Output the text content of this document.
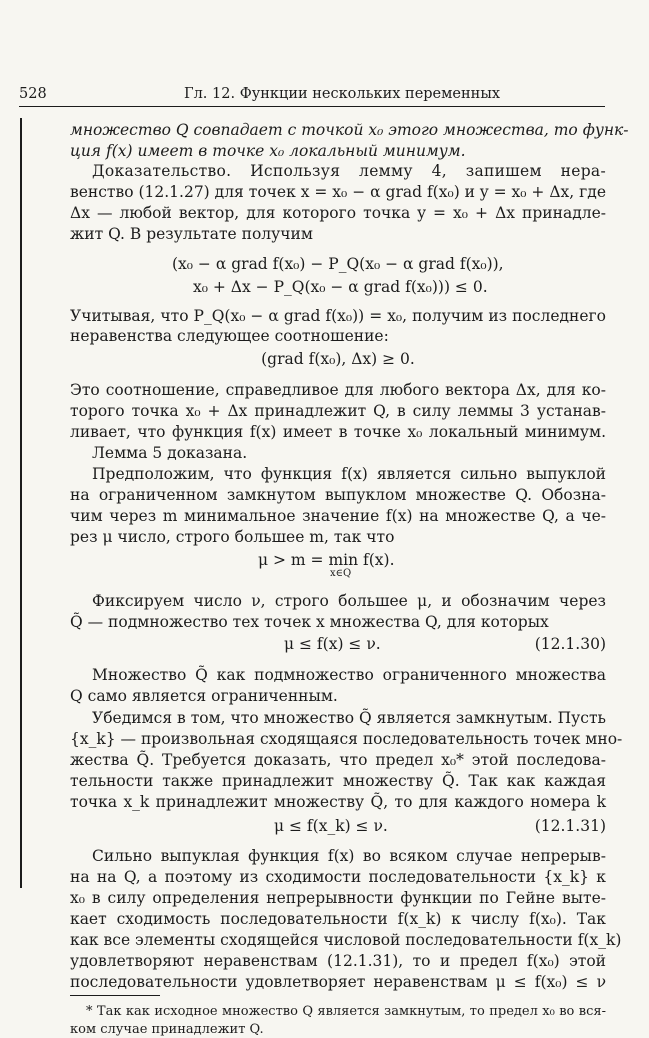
528	Гл. 12. Функции нескольких переменных
множество Q совпадает с точкой x₀ этого множества, то функ-
ция f(x) имеет в точке x₀ локальный минимум.
Доказательство. Используя лемму 4, запишем нера-
венство (12.1.27) для точек x = x₀ − α grad f(x₀) и y = x₀ + Δx, где
Δx — любой вектор, для которого точка y = x₀ + Δx принадле-
жит Q. В результате получим
(x₀ − α grad f(x₀) − P_Q(x₀ − α grad f(x₀)),
x₀ + Δx − P_Q(x₀ − α grad f(x₀))) ≤ 0.
Учитывая, что P_Q(x₀ − α grad f(x₀)) = x₀, получим из последнего
неравенства следующее соотношение:
(grad f(x₀), Δx) ≥ 0.
Это соотношение, справедливое для любого вектора Δx, для ко-
торого точка x₀ + Δx принадлежит Q, в силу леммы 3 устанав-
ливает, что функция f(x) имеет в точке x₀ локальный минимум.
Лемма 5 доказана.
Предположим, что функция f(x) является сильно выпуклой
на ограниченном замкнутом выпуклом множестве Q. Обозна-
чим через m минимальное значение f(x) на множестве Q, а че-
рез μ число, строго большее m, так что
μ > m = min f(x).
x∈Q
Фиксируем число ν, строго большее μ, и обозначим через
Q̃ — подмножество тех точек x множества Q, для которых
μ ≤ f(x) ≤ ν.	(12.1.30)
Множество Q̃ как подмножество ограниченного множества
Q само является ограниченным.
Убедимся в том, что множество Q̃ является замкнутым. Пусть
{x_k} — произвольная сходящаяся последовательность точек мно-
жества Q̃. Требуется доказать, что предел x₀* этой последова-
тельности также принадлежит множеству Q̃. Так как каждая
точка x_k принадлежит множеству Q̃, то для каждого номера k
μ ≤ f(x_k) ≤ ν.	(12.1.31)
Сильно выпуклая функция f(x) во всяком случае непрерыв-
на на Q, а поэтому из сходимости последовательности {x_k} к
x₀ в силу определения непрерывности функции по Гейне выте-
кает сходимость последовательности f(x_k) к числу f(x₀). Так
как все элементы сходящейся числовой последовательности f(x_k)
удовлетворяют неравенствам (12.1.31), то и предел f(x₀) этой
последовательности удовлетворяет неравенствам μ ≤ f(x₀) ≤ ν
* Так как исходное множество Q является замкнутым, то предел x₀ во вся-
ком случае принадлежит Q.
